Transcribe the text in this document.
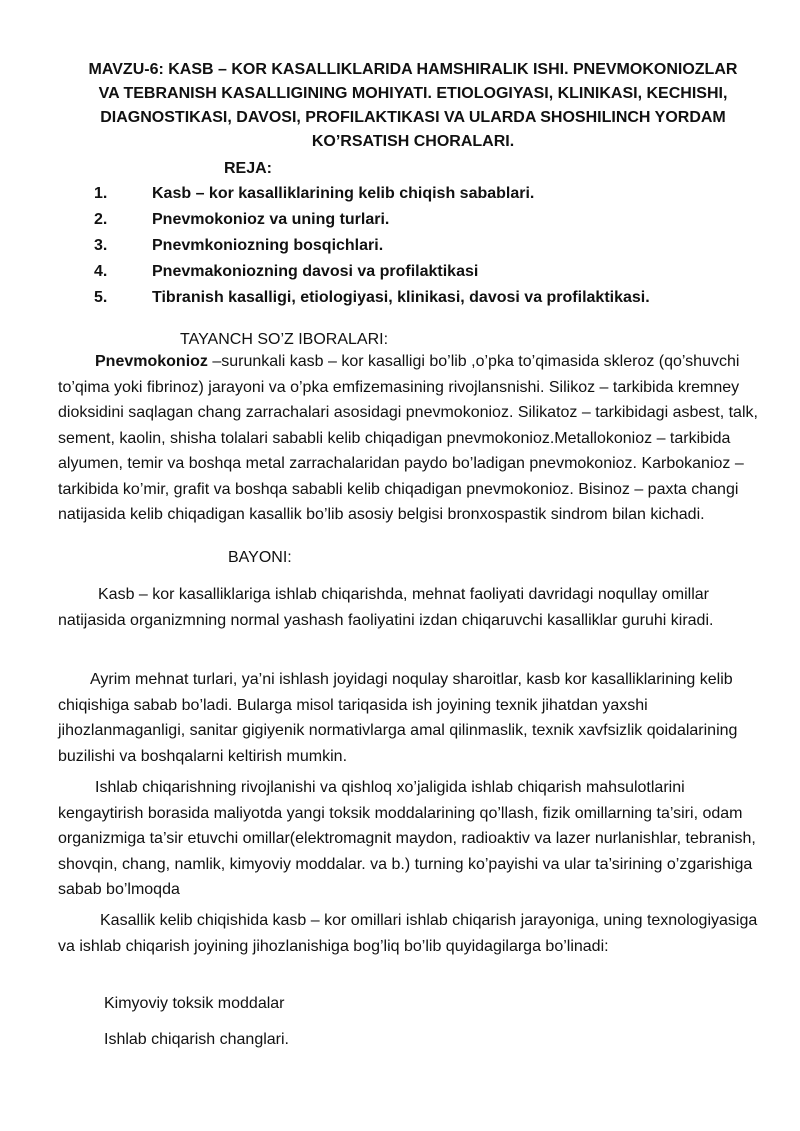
MAVZU-6: KASB – KOR KASALLIKLARIDA HAMSHIRALIK ISHI. PNEVMOKONIOZLAR
VA TEBRANISH KASALLIGINING MOHIYATI. ETIOLOGIYASI, KLINIKASI, KECHISHI,
DIAGNOSTIKASI, DAVOSI, PROFILAKTIKASI VA ULARDA SHOSHILINCH YORDAM
KO’RSATISH CHORALARI.
REJA:
1.	Kasb – kor kasalliklarining kelib chiqish sabablari.
2.	Pnevmokonioz va uning turlari.
3.	Pnevmkoniozning bosqichlari.
4.	Pnevmakoniozning davosi va profilaktikasi
5.	Tibranish kasalligi, etiologiyasi, klinikasi, davosi va profilaktikasi.
TAYANCH SO’Z IBORALARI:

Pnevmokonioz –surunkali kasb – kor kasalligi bo’lib ,o’pka to’qimasida skleroz (qo’shuvchi to’qima yoki fibrinoz) jarayoni va o’pka emfizemasining rivojlansnishi. Silikoz – tarkibida kremney dioksidini saqlagan chang zarrachalari asosidagi pnevmokonioz. Silikatoz – tarkibidagi asbest, talk, sement, kaolin, shisha tolalari sababli kelib chiqadigan pnevmokonioz.Metallokonioz – tarkibida alyumen, temir va boshqa metal zarrachalaridan paydo bo’ladigan pnevmokonioz. Karbokanioz – tarkibida ko’mir, grafit va boshqa sababli kelib chiqadigan pnevmokonioz. Bisinoz – paxta changi natijasida kelib chiqadigan kasallik bo’lib asosiy belgisi bronxospastik sindrom bilan kichadi.

BAYONI:

Kasb – kor kasalliklariga ishlab chiqarishda, mehnat faoliyati davridagi noqullay omillar natijasida organizmning normal yashash faoliyatini izdan chiqaruvchi kasalliklar guruhi kiradi.

Ayrim mehnat turlari, ya’ni ishlash joyidagi noqulay sharoitlar, kasb kor kasalliklarining kelib chiqishiga sabab bo’ladi. Bularga misol tariqasida ish joyining texnik jihatdan yaxshi jihozlanmaganligi, sanitar gigiyenik normativlarga amal qilinmaslik, texnik xavfsizlik qoidalarining buzilishi va boshqalarni keltirish mumkin.

Ishlab chiqarishning rivojlanishi va qishloq xo’jaligida ishlab chiqarish mahsulotlarini kengaytirish borasida maliyotda yangi toksik moddalarining qo’llash, fizik omillarning ta’siri, odam organizmiga ta’sir etuvchi omillar(elektromagnit maydon, radioaktiv va lazer nurlanishlar, tebranish, shovqin, chang, namlik, kimyoviy moddalar. va b.) turning ko’payishi va ular ta’sirining o’zgarishiga sabab bo’lmoqda

Kasallik kelib chiqishida kasb – kor omillari ishlab chiqarish jarayoniga, uning texnologiyasiga va ishlab chiqarish joyining jihozlanishiga bog’liq bo’lib quyidagilarga bo’linadi:

Kimyoviy toksik moddalar
Ishlab chiqarish changlari.
